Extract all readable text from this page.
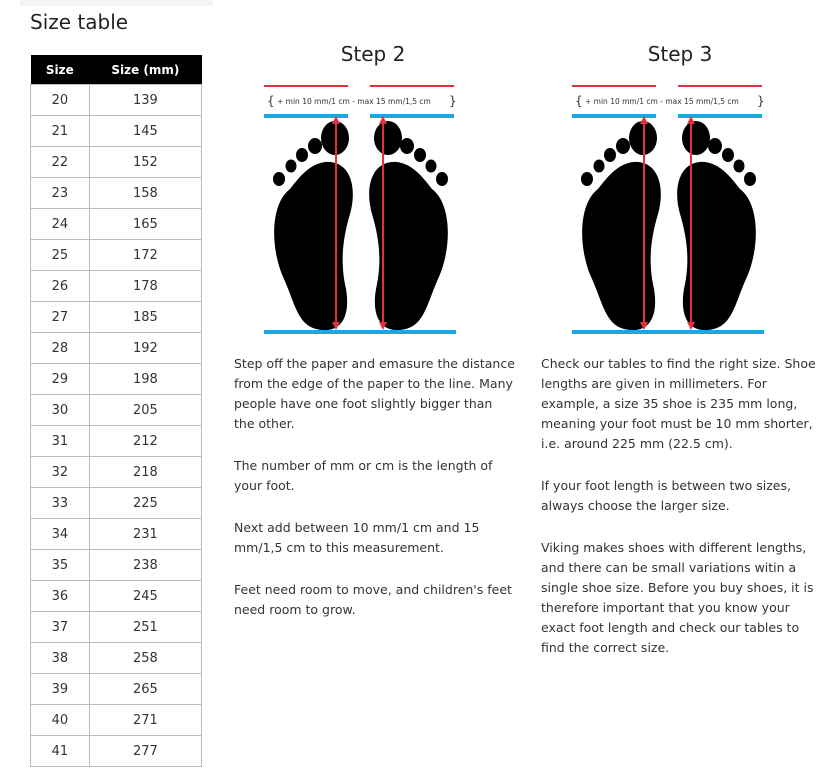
Size table
Size	Size (mm)
20	139
21	145
22	152
23	158
24	165
25	172
26	178
27	185
28	192
29	198
30	205
31	212
32	218
33	225
34	231
35	238
36	245
37	251
38	258
39	265
40	271
41	277
Step 2
{ + min 10 mm/1 cm - max 15 mm/1,5 cm }

Step off the paper and emasure the distance from the edge of the paper to the line. Many people have one foot slightly bigger than the other.

The number of mm or cm is the length of your foot.

Next add between 10 mm/1 cm and 15 mm/1,5 cm to this measurement.

Feet need room to move, and children's feet need room to grow.

Step 3
{ + min 10 mm/1 cm - max 15 mm/1,5 cm }

Check our tables to find the right size. Shoe lengths are given in millimeters. For example, a size 35 shoe is 235 mm long, meaning your foot must be 10 mm shorter, i.e. around 225 mm (22.5 cm).

If your foot length is between two sizes, always choose the larger size.

Viking makes shoes with different lengths, and there can be small variations witin a single shoe size. Before you buy shoes, it is therefore important that you know your exact foot length and check our tables to find the correct size.
